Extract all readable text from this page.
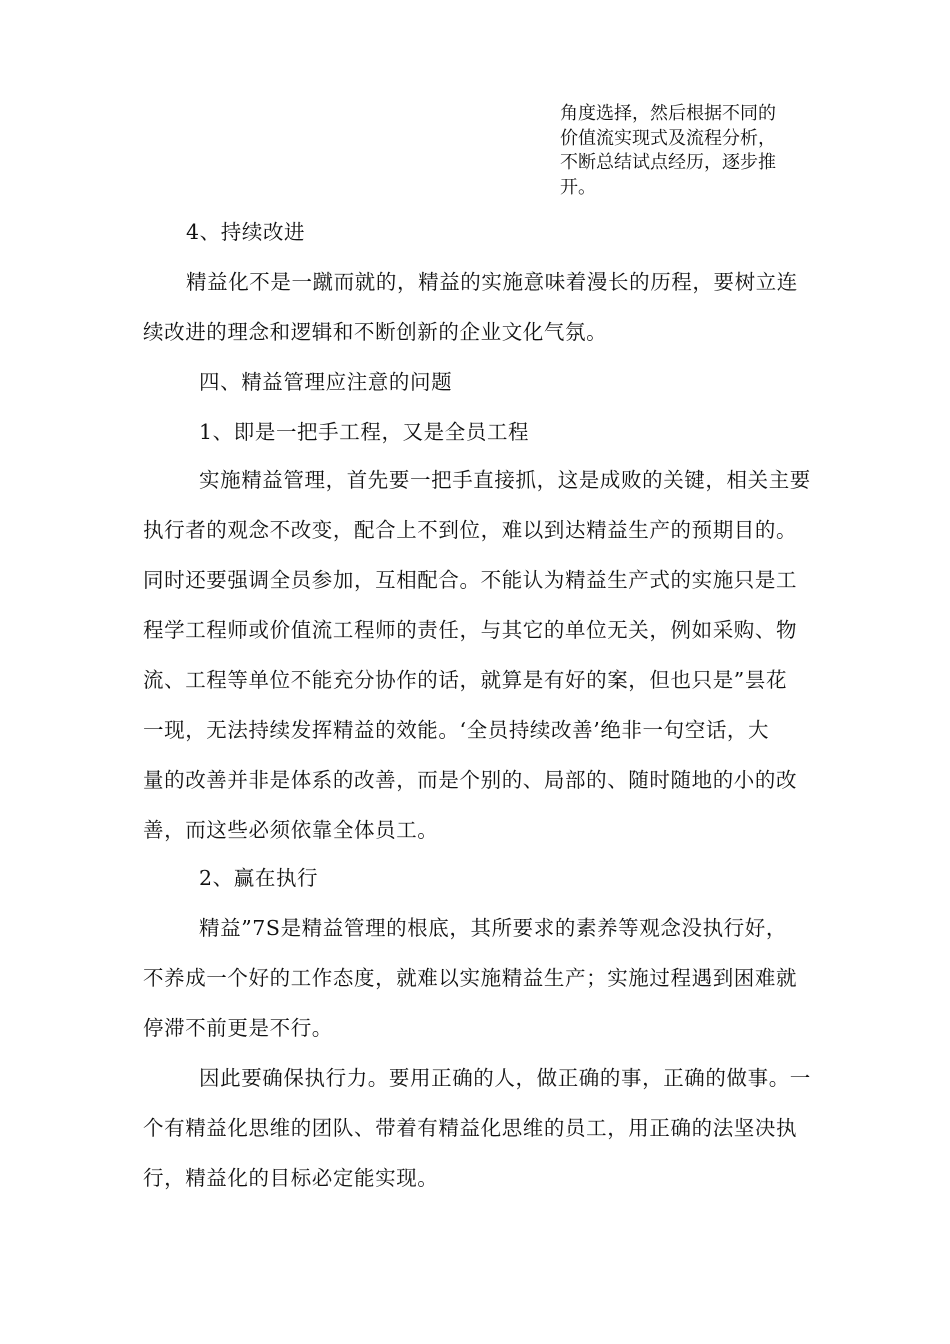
角度选择，然后根据不同的
价值流实现式及流程分析，
不断总结试点经历，逐步推
开。
4、持续改进
精益化不是一蹴而就的，精益的实施意味着漫长的历程，要树立连
续改进的理念和逻辑和不断创新的企业文化气氛。
四、精益管理应注意的问题
1、即是一把手工程，又是全员工程
实施精益管理，首先要一把手直接抓，这是成败的关键，相关主要
执行者的观念不改变，配合上不到位，难以到达精益生产的预期目的。
同时还要强调全员参加，互相配合。不能认为精益生产式的实施只是工
程学工程师或价值流工程师的责任，与其它的单位无关，例如采购、物
流、工程等单位不能充分协作的话，就算是有好的案，但也只是”昙花
一现，无法持续发挥精益的效能。‘全员持续改善’绝非一句空话，大
量的改善并非是体系的改善，而是个别的、局部的、随时随地的小的改
善，而这些必须依靠全体员工。
2、赢在执行
精益”7S是精益管理的根底，其所要求的素养等观念没执行好，
不养成一个好的工作态度，就难以实施精益生产；实施过程遇到困难就
停滞不前更是不行。
因此要确保执行力。要用正确的人，做正确的事，正确的做事。一
个有精益化思维的团队、带着有精益化思维的员工，用正确的法坚决执
行，精益化的目标必定能实现。
